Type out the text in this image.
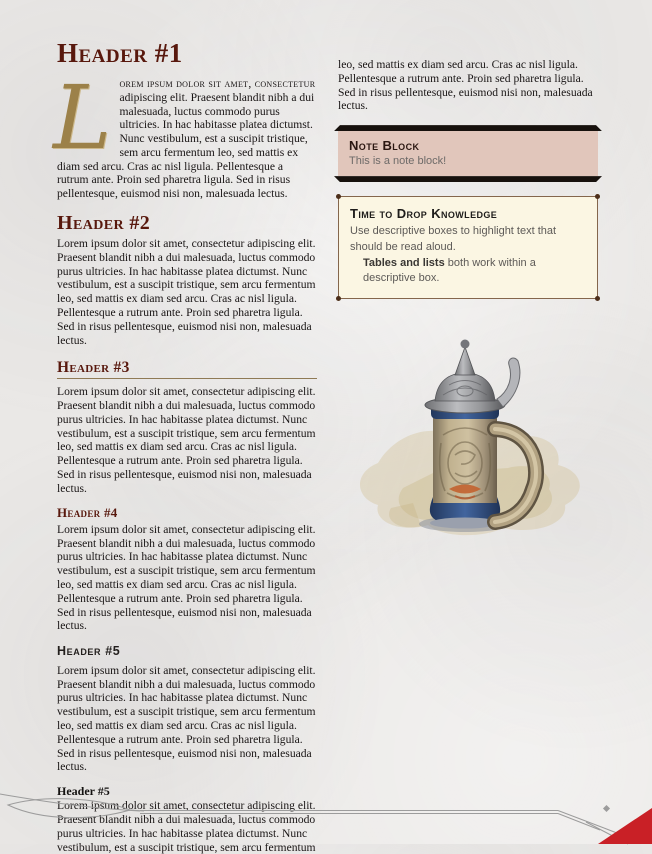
Header #1

Lorem ipsum dolor sit amet, consectetur adipiscing elit. Praesent blandit nibh a dui malesuada, luctus commodo purus ultricies. In hac habitasse platea dictumst. Nunc vestibulum, est a suscipit tristique, sem arcu fermentum leo, sed mattis ex diam sed arcu. Cras ac nisl ligula. Pellentesque a rutrum ante. Proin sed pharetra ligula. Sed in risus pellentesque, euismod nisi non, malesuada lectus.

Header #2

Lorem ipsum dolor sit amet, consectetur adipiscing elit. Praesent blandit nibh a dui malesuada, luctus commodo purus ultricies. In hac habitasse platea dictumst. Nunc vestibulum, est a suscipit tristique, sem arcu fermentum leo, sed mattis ex diam sed arcu. Cras ac nisl ligula. Pellentesque a rutrum ante. Proin sed pharetra ligula. Sed in risus pellentesque, euismod nisi non, malesuada lectus.

Header #3

Lorem ipsum dolor sit amet, consectetur adipiscing elit. Praesent blandit nibh a dui malesuada, luctus commodo purus ultricies. In hac habitasse platea dictumst. Nunc vestibulum, est a suscipit tristique, sem arcu fermentum leo, sed mattis ex diam sed arcu. Cras ac nisl ligula. Pellentesque a rutrum ante. Proin sed pharetra ligula. Sed in risus pellentesque, euismod nisi non, malesuada lectus.

Header #4

Lorem ipsum dolor sit amet, consectetur adipiscing elit. Praesent blandit nibh a dui malesuada, luctus commodo purus ultricies. In hac habitasse platea dictumst. Nunc vestibulum, est a suscipit tristique, sem arcu fermentum leo, sed mattis ex diam sed arcu. Cras ac nisl ligula. Pellentesque a rutrum ante. Proin sed pharetra ligula. Sed in risus pellentesque, euismod nisi non, malesuada lectus.

Header #5

Lorem ipsum dolor sit amet, consectetur adipiscing elit. Praesent blandit nibh a dui malesuada, luctus commodo purus ultricies. In hac habitasse platea dictumst. Nunc vestibulum, est a suscipit tristique, sem arcu fermentum leo, sed mattis ex diam sed arcu. Cras ac nisl ligula. Pellentesque a rutrum ante. Proin sed pharetra ligula. Sed in risus pellentesque, euismod nisi non, malesuada lectus.

Header #5

Lorem ipsum dolor sit amet, consectetur adipiscing elit. Praesent blandit nibh a dui malesuada, luctus commodo purus ultricies. In hac habitasse platea dictumst. Nunc vestibulum, est a suscipit tristique, sem arcu fermentum

leo, sed mattis ex diam sed arcu. Cras ac nisl ligula. Pellentesque a rutrum ante. Proin sed pharetra ligula. Sed in risus pellentesque, euismod nisi non, malesuada lectus.

Note Block
This is a note block!
Time to Drop Knowledge
Use descriptive boxes to highlight text that should be read aloud.
Tables and lists both work within a descriptive box.
